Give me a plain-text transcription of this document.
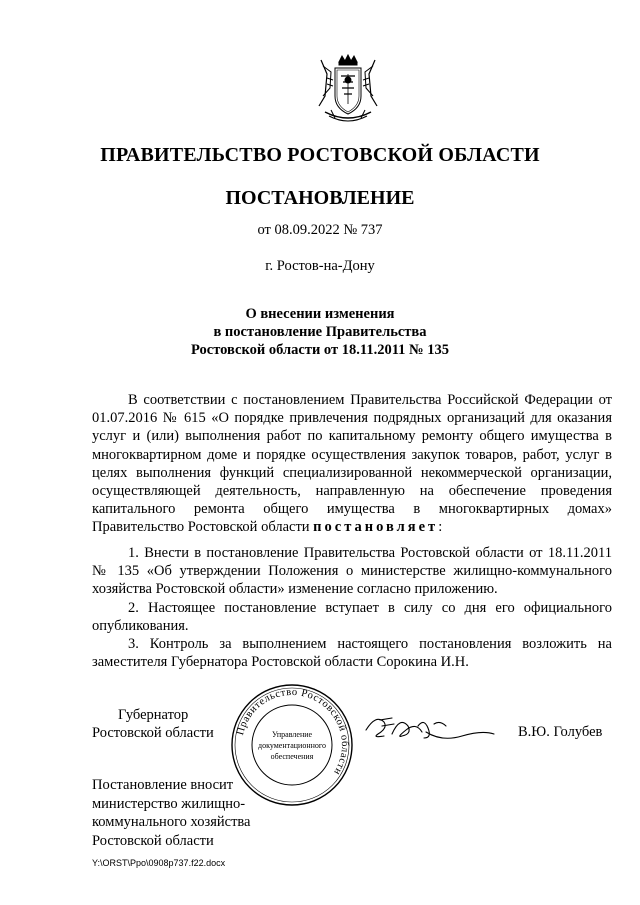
ПРАВИТЕЛЬСТВО РОСТОВСКОЙ ОБЛАСТИ
ПОСТАНОВЛЕНИЕ
от 08.09.2022 № 737
г. Ростов-на-Дону
О внесении изменения
в постановление Правительства
Ростовской области от 18.11.2011 № 135

В соответствии с постановлением Правительства Российской Федерации от 01.07.2016 № 615 «О порядке привлечения подрядных организаций для оказания услуг и (или) выполнения работ по капитальному ремонту общего имущества в многоквартирном доме и порядке осуществления закупок товаров, работ, услуг в целях выполнения функций специализированной некоммерческой организации, осуществляющей деятельность, направленную на обеспечение проведения капитального ремонта общего имущества в многоквартирных домах» Правительство Ростовской области постановляет:

1. Внести в постановление Правительства Ростовской области от 18.11.2011 № 135 «Об утверждении Положения о министерстве жилищно-коммунального хозяйства Ростовской области» изменение согласно приложению.

2. Настоящее постановление вступает в силу со дня его официального опубликования.

3. Контроль за выполнением настоящего постановления возложить на заместителя Губернатора Ростовской области Сорокина И.Н.

Губернатор
Ростовской области	Правительство Ростовской области
Управление
документационного
обеспечения
В.Ю. Голубев
Постановление вносит
министерство жилищно-
коммунального хозяйства
Ростовской области
Y:\ORST\Ppo\0908p737.f22.docx
